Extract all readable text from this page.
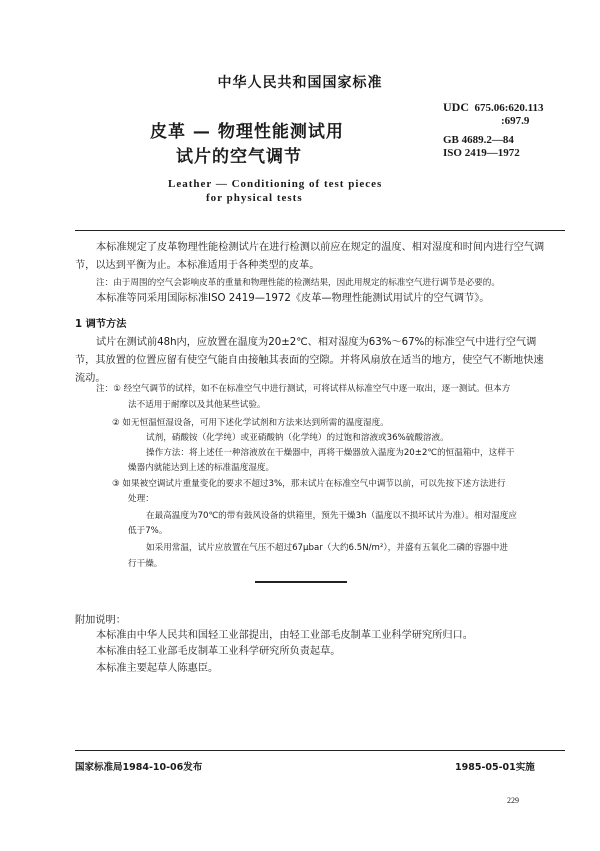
中华人民共和国国家标准
皮革 — 物理性能测试用
试片的空气调节
Leather — Conditioning of test pieces
for physical tests
UDC 675.06:620.113
:697.9
GB 4689.2—84
ISO 2419—1972
本标准规定了皮革物理性能检测试片在进行检测以前应在规定的温度、相对湿度和时间内进行空气调节，以达到平衡为止。本标准适用于各种类型的皮革。
注：由于周围的空气会影响皮革的重量和物理性能的检测结果，因此用规定的标准空气进行调节是必要的。
本标准等同采用国际标准ISO 2419—1972《皮革—物理性能测试用试片的空气调节》。
1 调节方法
试片在测试前48h内，应放置在温度为20±2℃、相对湿度为63%～67%的标准空气中进行空气调节，其放置的位置应留有使空气能自由接触其表面的空隙。并将风扇放在适当的地方，使空气不断地快速流动。
注：① 经空气调节的试样，如不在标准空气中进行测试，可将试样从标准空气中逐一取出，逐一测试。但本方
法不适用于耐摩以及其他某些试验。
② 如无恒温恒湿设备，可用下述化学试剂和方法来达到所需的温度湿度。
试剂，硝酸铵（化学纯）或亚硝酸钠（化学纯）的过饱和溶液或36%硫酸溶液。
操作方法：将上述任一种溶液放在干燥器中，再将干燥器放入温度为20±2℃的恒温箱中，这样干
燥器内就能达到上述的标准温度湿度。
③ 如果被空调试片重量变化的要求不超过3%，那末试片在标准空气中调节以前，可以先按下述方法进行
处理：
在最高温度为70℃的带有鼓风设备的烘箱里，预先干燥3h（温度以不损坏试片为准）。相对湿度应
低于7%。
如采用常温，试片应放置在气压不超过67μbar（大约6.5N/m²），并盛有五氧化二磷的容器中进
行干燥。
附加说明：
本标准由中华人民共和国轻工业部提出，由轻工业部毛皮制革工业科学研究所归口。
本标准由轻工业部毛皮制革工业科学研究所负责起草。
本标准主要起草人陈惠臣。
国家标准局1984-10-06发布	1985-05-01实施
229
